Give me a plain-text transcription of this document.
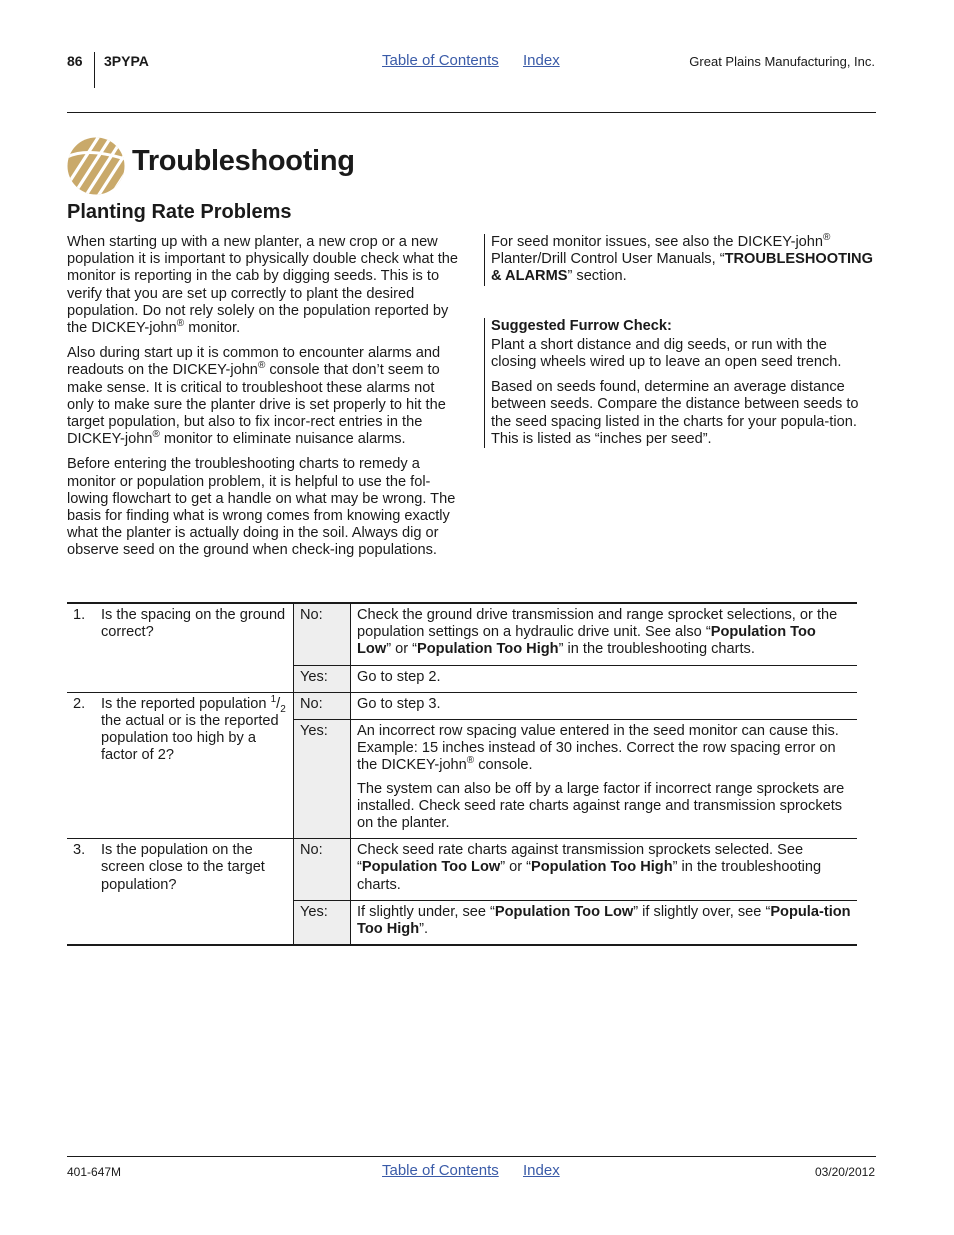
86 3PYPA	Table of Contents Index	Great Plains Manufacturing, Inc.
Troubleshooting
Planting Rate Problems

When starting up with a new planter, a new crop or a new population it is important to physically double check what the monitor is reporting in the cab by digging seeds. This is to verify that you are set up correctly to plant the desired population. Do not rely solely on the population reported by the DICKEY-john® monitor.

Also during start up it is common to encounter alarms and readouts on the DICKEY-john® console that don’t seem to make sense. It is critical to troubleshoot these alarms not only to make sure the planter drive is set properly to hit the target population, but also to fix incor-rect entries in the DICKEY-john® monitor to eliminate nuisance alarms.

Before entering the troubleshooting charts to remedy a monitor or population problem, it is helpful to use the fol-lowing flowchart to get a handle on what may be wrong. The basis for finding what is wrong comes from knowing exactly what the planter is actually doing in the soil. Always dig or observe seed on the ground when check-ing populations.

For seed monitor issues, see also the DICKEY-john® Planter/Drill Control User Manuals, “TROUBLESHOOTING & ALARMS” section.
Suggested Furrow Check:

Plant a short distance and dig seeds, or run with the closing wheels wired up to leave an open seed trench.

Based on seeds found, determine an average distance between seeds. Compare the distance between seeds to the seed spacing listed in the charts for your popula-tion. This is listed as “inches per seed”.

1.	Is the spacing on the ground correct?
No:	Check the ground drive transmission and range sprocket selections, or the population settings on a hydraulic drive unit. See also “Population Too Low” or “Population Too High” in the troubleshooting charts.
Yes:	Go to step 2.
2.	Is the reported population $^1/_2$ the actual or is the reported population too high by a factor of 2?
No:	Go to step 3.
Yes:	An incorrect row spacing value entered in the seed monitor can cause this. Example: 15 inches instead of 30 inches. Correct the row spacing error on the DICKEY-john® console.

The system can also be off by a large factor if incorrect range sprockets are installed. Check seed rate charts against range and transmission sprockets on the planter.

3.	Is the population on the screen close to the target population?
No:	Check seed rate charts against transmission sprockets selected. See “Population Too Low” or “Population Too High” in the troubleshooting charts.
Yes:	If slightly under, see “Population Too Low” if slightly over, see “Popula-tion Too High”.
401-647M	Table of Contents Index	03/20/2012
